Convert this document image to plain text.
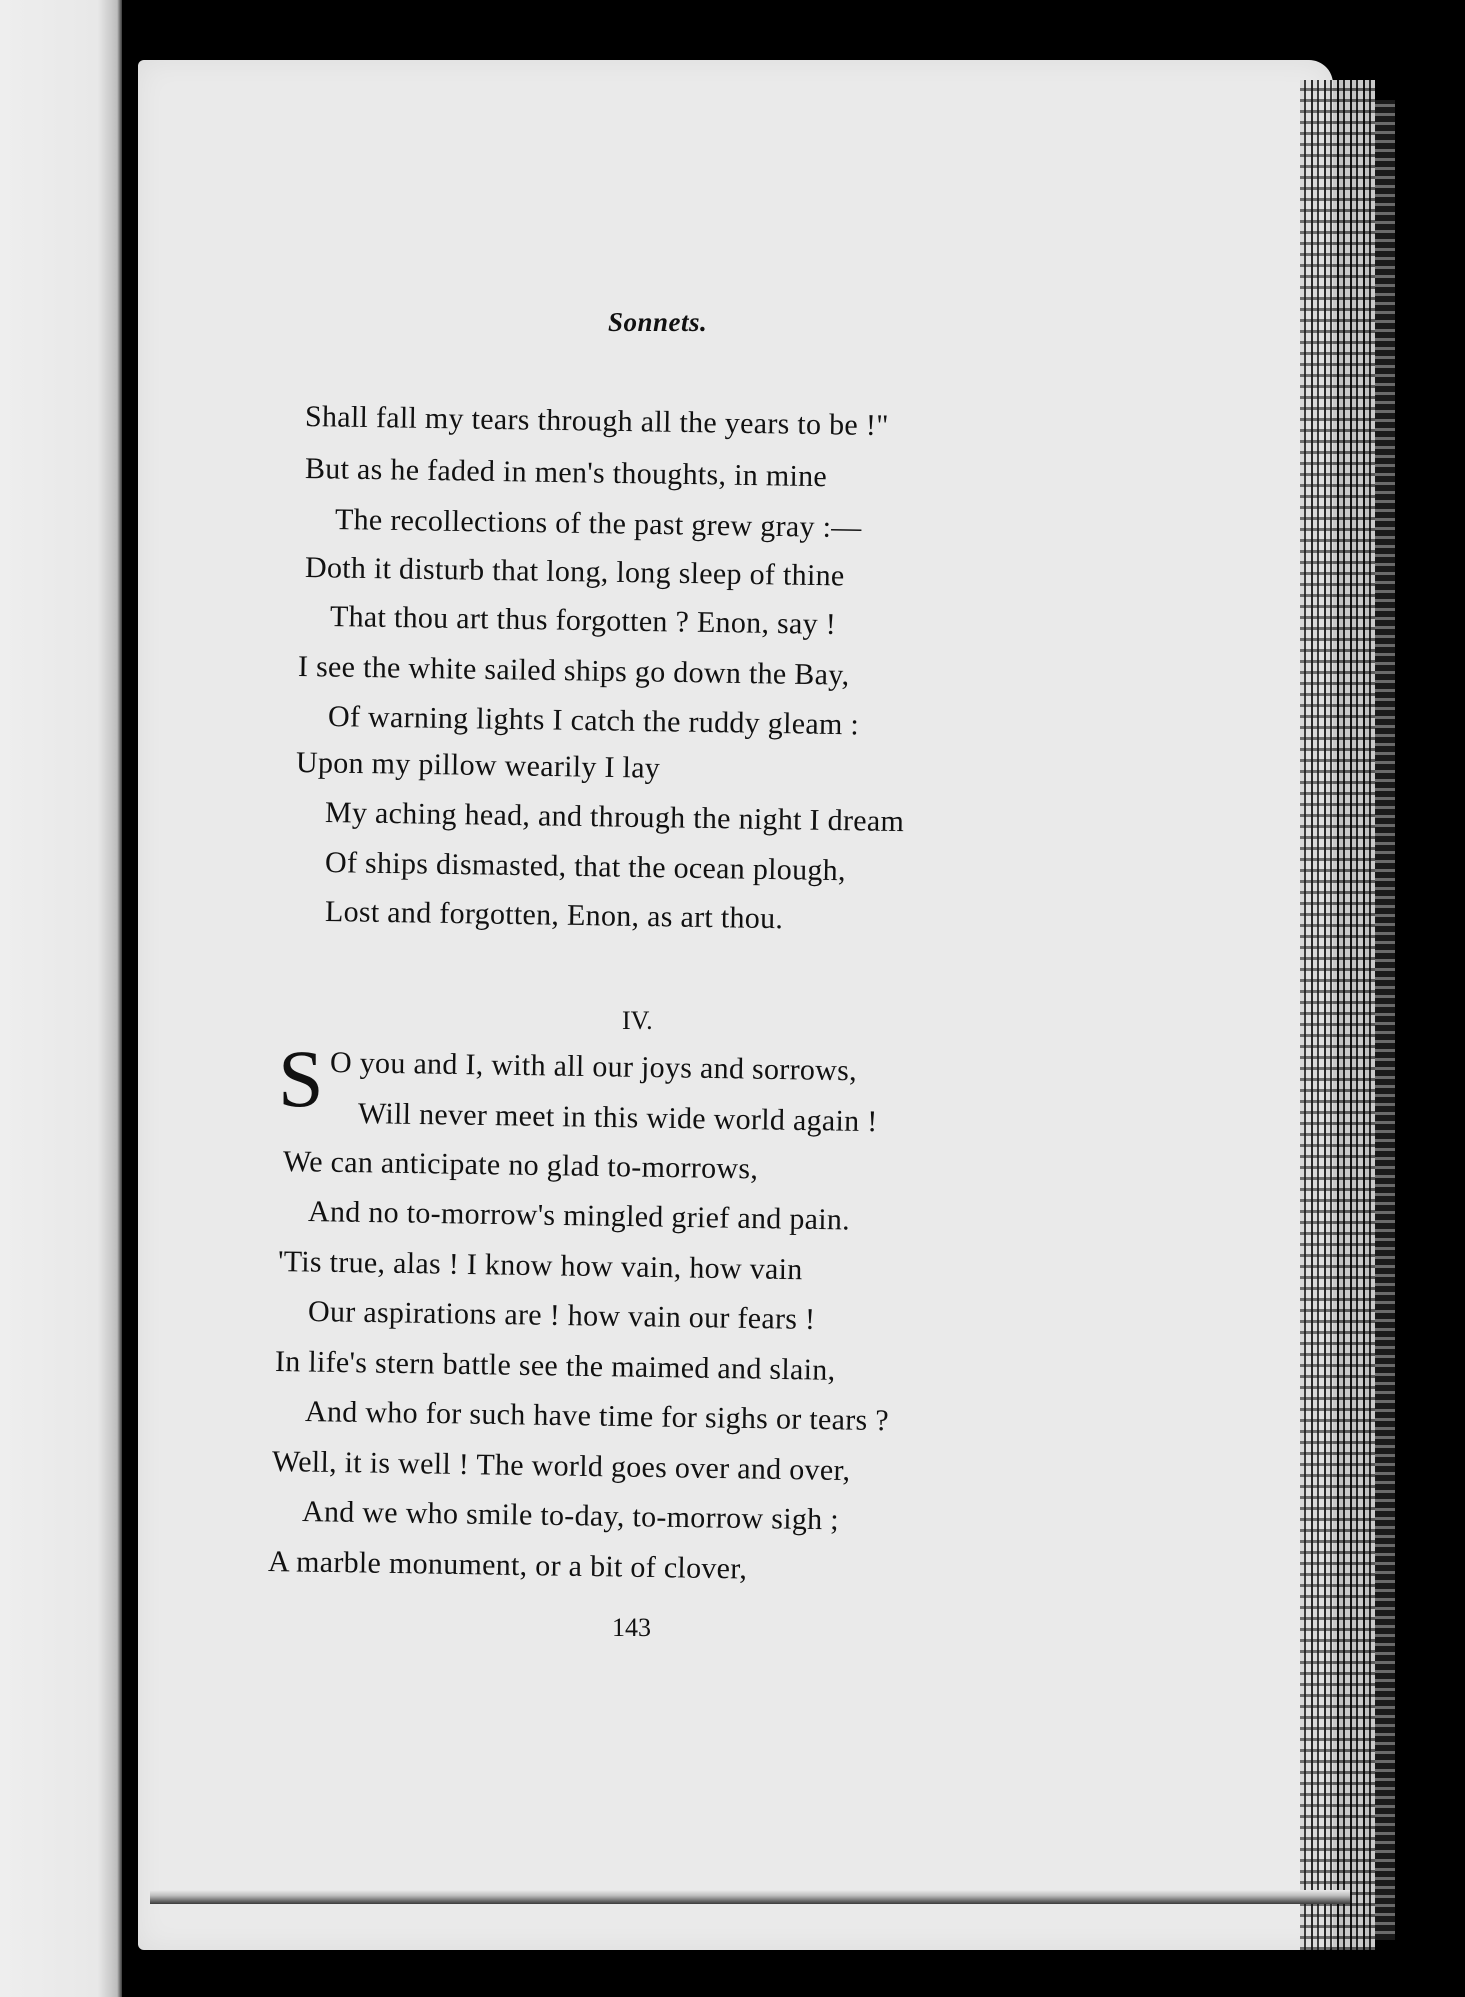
Sonnets.
Shall fall my tears through all the years to be !"
But as he faded in men's thoughts, in mine
The recollections of the past grew gray :—
Doth it disturb that long, long sleep of thine
That thou art thus forgotten ? Enon, say !
I see the white sailed ships go down the Bay,
Of warning lights I catch the ruddy gleam :
Upon my pillow wearily I lay
My aching head, and through the night I dream
Of ships dismasted, that the ocean plough,
Lost and forgotten, Enon, as art thou.
IV.
S O you and I, with all our joys and sorrows,
Will never meet in this wide world again !
We can anticipate no glad to-morrows,
And no to-morrow's mingled grief and pain.
'Tis true, alas ! I know how vain, how vain
Our aspirations are ! how vain our fears !
In life's stern battle see the maimed and slain,
And who for such have time for sighs or tears ?
Well, it is well ! The world goes over and over,
And we who smile to-day, to-morrow sigh ;
A marble monument, or a bit of clover,
143
